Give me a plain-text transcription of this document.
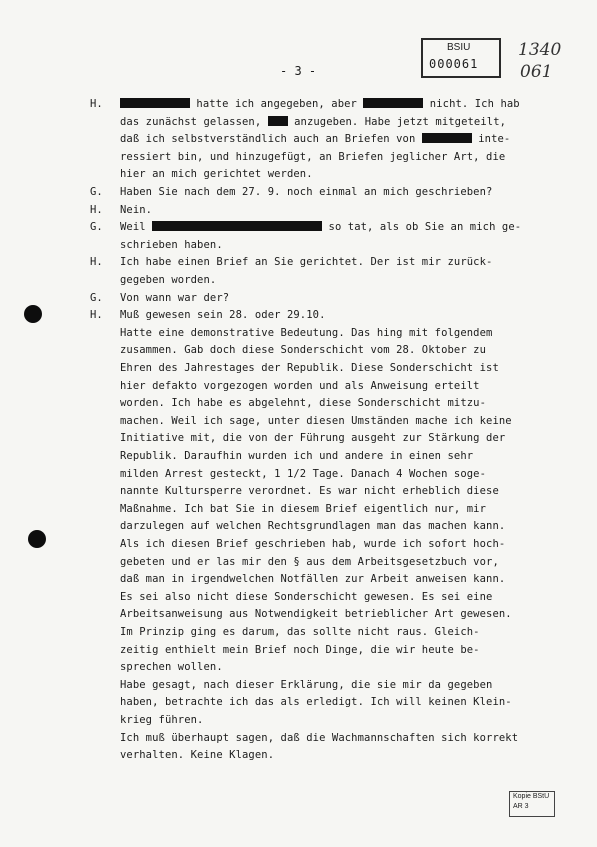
BSIU
000061
1340
061
- 3 -
H.	hatte ich angegeben, aber	nicht. Ich hab
das zunächst gelassen,  anzugeben. Habe jetzt mitgeteilt,
daß ich selbstverständlich auch an Briefen von	inte-
ressiert bin, und hinzugefügt, an Briefen jeglicher Art, die
hier an mich gerichtet werden.
G. Haben Sie nach dem 27. 9. noch einmal an mich geschrieben?
H. Nein.
G. Weil	so tat, als ob Sie an mich ge-
schrieben haben.
H. Ich habe einen Brief an Sie gerichtet. Der ist mir zurück-
gegeben worden.
G. Von wann war der?
H. Muß gewesen sein 28. oder 29.10.
Hatte eine demonstrative Bedeutung. Das hing mit folgendem
zusammen. Gab doch diese Sonderschicht vom 28. Oktober zu
Ehren des Jahrestages der Republik. Diese Sonderschicht ist
hier defakto vorgezogen worden und als Anweisung erteilt
worden. Ich habe es abgelehnt, diese Sonderschicht mitzu-
machen. Weil ich sage, unter diesen Umständen mache ich keine
Initiative mit, die von der Führung ausgeht zur Stärkung der
Republik. Daraufhin wurden ich und andere in einen sehr
milden Arrest gesteckt, 1 1/2 Tage. Danach 4 Wochen soge-
nannte Kultursperre verordnet. Es war nicht erheblich diese
Maßnahme. Ich bat Sie in diesem Brief eigentlich nur, mir
darzulegen auf welchen Rechtsgrundlagen man das machen kann.
Als ich diesen Brief geschrieben hab, wurde ich sofort hoch-
gebeten und er las mir den § aus dem Arbeitsgesetzbuch vor,
daß man in irgendwelchen Notfällen zur Arbeit anweisen kann.
Es sei also nicht diese Sonderschicht gewesen. Es sei eine
Arbeitsanweisung aus Notwendigkeit betrieblicher Art gewesen.
Im Prinzip ging es darum, das sollte nicht raus. Gleich-
zeitig enthielt mein Brief noch Dinge, die wir heute be-
sprechen wollen.
Habe gesagt, nach dieser Erklärung, die sie mir da gegeben
haben, betrachte ich das als erledigt. Ich will keinen Klein-
krieg führen.
Ich muß überhaupt sagen, daß die Wachmannschaften sich korrekt
verhalten. Keine Klagen.
Kopie BStU
AR 3
